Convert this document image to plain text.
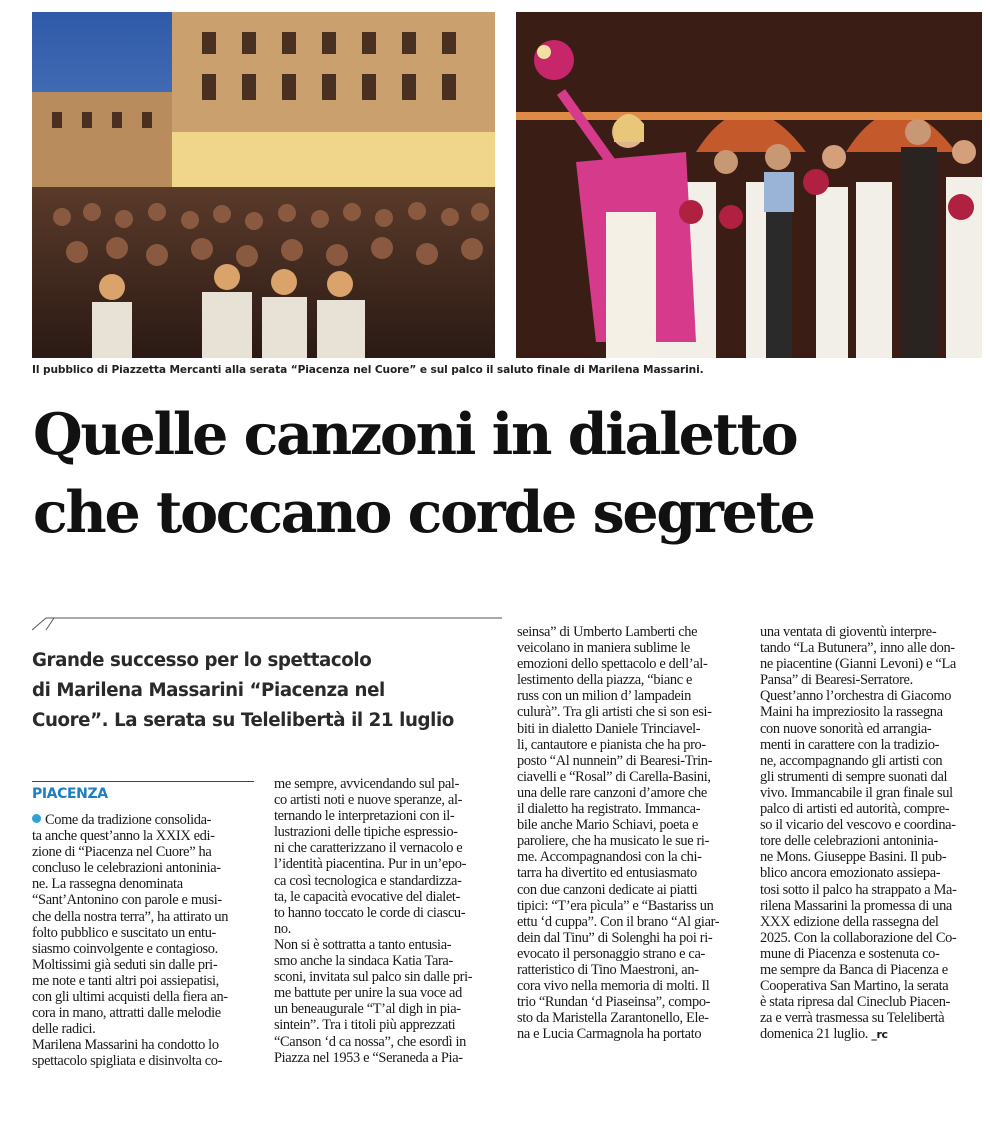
Il pubblico di Piazzetta Mercanti alla serata “Piacenza nel Cuore” e sul palco il saluto finale di Marilena Massarini.
Quelle canzoni in dialetto
che toccano corde segrete
Grande successo per lo spettacolo
di Marilena Massarini “Piacenza nel
Cuore”. La serata su Telelibertà il 21 luglio
PIACENZA
Come da tradizione consolida-
ta anche quest’anno la XXIX edi-
zione di “Piacenza nel Cuore” ha
concluso le celebrazioni antoninia-
ne. La rassegna denominata
“Sant’Antonino con parole e musi-
che della nostra terra”, ha attirato un
folto pubblico e suscitato un entu-
siasmo coinvolgente e contagioso.
Moltissimi già seduti sin dalle pri-
me note e tanti altri poi assiepatisi,
con gli ultimi acquisti della fiera an-
cora in mano, attratti dalle melodie
delle radici.
Marilena Massarini ha condotto lo
spettacolo spigliata e disinvolta co-
me sempre, avvicendando sul pal-
co artisti noti e nuove speranze, al-
ternando le interpretazioni con il-
lustrazioni delle tipiche espressio-
ni che caratterizzano il vernacolo e
l’identità piacentina. Pur in un’epo-
ca così tecnologica e standardizza-
ta, le capacità evocative del dialet-
to hanno toccato le corde di ciascu-
no.
Non si è sottratta a tanto entusia-
smo anche la sindaca Katia Tara-
sconi, invitata sul palco sin dalle pri-
me battute per unire la sua voce ad
un beneaugurale “T’al digh in pia-
sintein”. Tra i titoli più apprezzati
“Canson ‘d ca nossa”, che esordì in
Piazza nel 1953 e “Seraneda a Pia-
seinsa” di Umberto Lamberti che
veicolano in maniera sublime le
emozioni dello spettacolo e dell’al-
lestimento della piazza, “bianc e
russ con un milion d’ lampadein
culurà”. Tra gli artisti che si son esi-
biti in dialetto Daniele Trinciavel-
li, cantautore e pianista che ha pro-
posto “Al nunnein” di Bearesi-Trin-
ciavelli e “Rosal” di Carella-Basini,
una delle rare canzoni d’amore che
il dialetto ha registrato. Immanca-
bile anche Mario Schiavi, poeta e
paroliere, che ha musicato le sue ri-
me. Accompagnandosi con la chi-
tarra ha divertito ed entusiasmato
con due canzoni dedicate ai piatti
tipici: “T’era pìcula” e “Bastariss un
ettu ‘d cuppa”. Con il brano “Al giar-
dein dal Tinu” di Solenghi ha poi ri-
evocato il personaggio strano e ca-
ratteristico di Tino Maestroni, an-
cora vivo nella memoria di molti. Il
trio “Rundan ‘d Piaseinsa”, compo-
sto da Maristella Zarantonello, Ele-
na e Lucia Carmagnola ha portato
una ventata di gioventù interpre-
tando “La Butunera”, inno alle don-
ne piacentine (Gianni Levoni) e “La
Pansa” di Bearesi-Serratore.
Quest’anno l’orchestra di Giacomo
Maini ha impreziosito la rassegna
con nuove sonorità ed arrangia-
menti in carattere con la tradizio-
ne, accompagnando gli artisti con
gli strumenti di sempre suonati dal
vivo. Immancabile il gran finale sul
palco di artisti ed autorità, compre-
so il vicario del vescovo e coordina-
tore delle celebrazioni antoninia-
ne Mons. Giuseppe Basini. Il pub-
blico ancora emozionato assiepa-
tosi sotto il palco ha strappato a Ma-
rilena Massarini la promessa di una
XXX edizione della rassegna del
2025. Con la collaborazione del Co-
mune di Piacenza e sostenuta co-
me sempre da Banca di Piacenza e
Cooperativa San Martino, la serata
è stata ripresa dal Cineclub Piacen-
za e verrà trasmessa su Telelibertà
domenica 21 luglio. _rc
